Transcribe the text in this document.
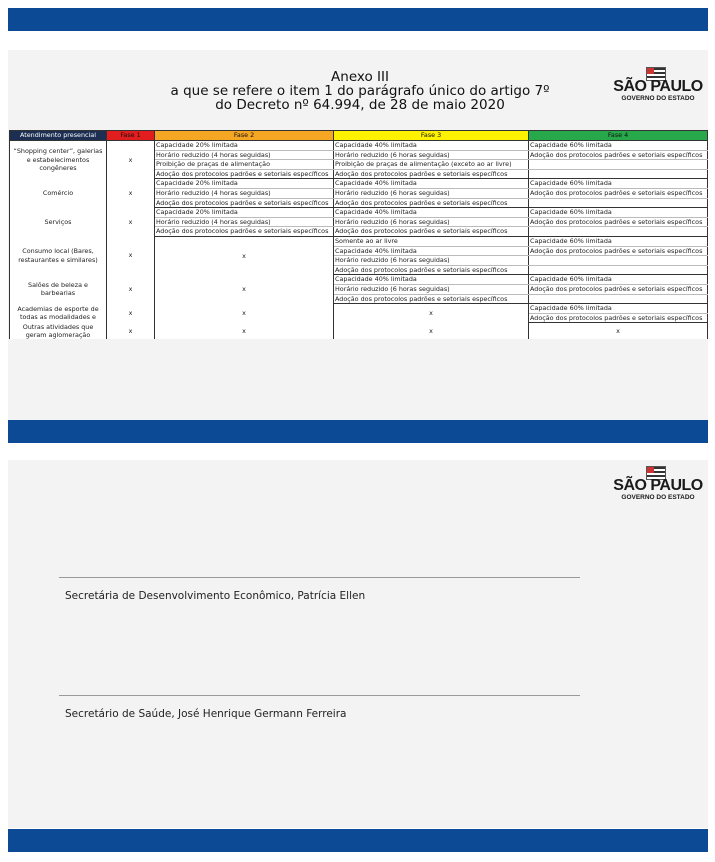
SÃO PAULO
GOVERNO DO ESTADO
Anexo III
a que se refere o item 1 do parágrafo único do artigo 7º
do Decreto nº 64.994, de 28 de maio 2020
Atendimento presencial	Fase 1	Fase 2	Fase 3	Fase 4
“Shopping center”, galerias e estabelecimentos congêneres	x	Capacidade 20% limitada	Capacidade 40% limitada	Capacidade 60% limitada
		Horário reduzido (4 horas seguidas)	Horário reduzido (6 horas seguidas)	Adoção dos protocolos padrões e setoriais específicos
		Proibição de praças de alimentação	Proibição de praças de alimentação (exceto ao ar livre)	
		Adoção dos protocolos padrões e setoriais específicos	Adoção dos protocolos padrões e setoriais específicos	
Comércio	x	Capacidade 20% limitada	Capacidade 40% limitada	Capacidade 60% limitada
		Horário reduzido (4 horas seguidas)	Horário reduzido (6 horas seguidas)	Adoção dos protocolos padrões e setoriais específicos
		Adoção dos protocolos padrões e setoriais específicos	Adoção dos protocolos padrões e setoriais específicos	
Serviços	x	Capacidade 20% limitada	Capacidade 40% limitada	Capacidade 60% limitada
		Horário reduzido (4 horas seguidas)	Horário reduzido (6 horas seguidas)	Adoção dos protocolos padrões e setoriais específicos
		Adoção dos protocolos padrões e setoriais específicos	Adoção dos protocolos padrões e setoriais específicos	
Consumo local (Bares, restaurantes e similares)	x	x	Somente ao ar livre	Capacidade 60% limitada
			Capacidade 40% limitada	Adoção dos protocolos padrões e setoriais específicos
			Horário reduzido (6 horas seguidas)	
			Adoção dos protocolos padrões e setoriais específicos	
Salões de beleza e barbearias	x	x	Capacidade 40% limitada	Capacidade 60% limitada
			Horário reduzido (6 horas seguidas)	Adoção dos protocolos padrões e setoriais específicos
			Adoção dos protocolos padrões e setoriais específicos	
Academias de esporte de todas as modalidades e	x	x	x	Capacidade 60% limitada
				Adoção dos protocolos padrões e setoriais específicos
Outras atividades que geram aglomeração	x	x	x	x

SÃO PAULO
GOVERNO DO ESTADO
Secretária de Desenvolvimento Econômico, Patrícia Ellen
Secretário de Saúde, José Henrique Germann Ferreira
